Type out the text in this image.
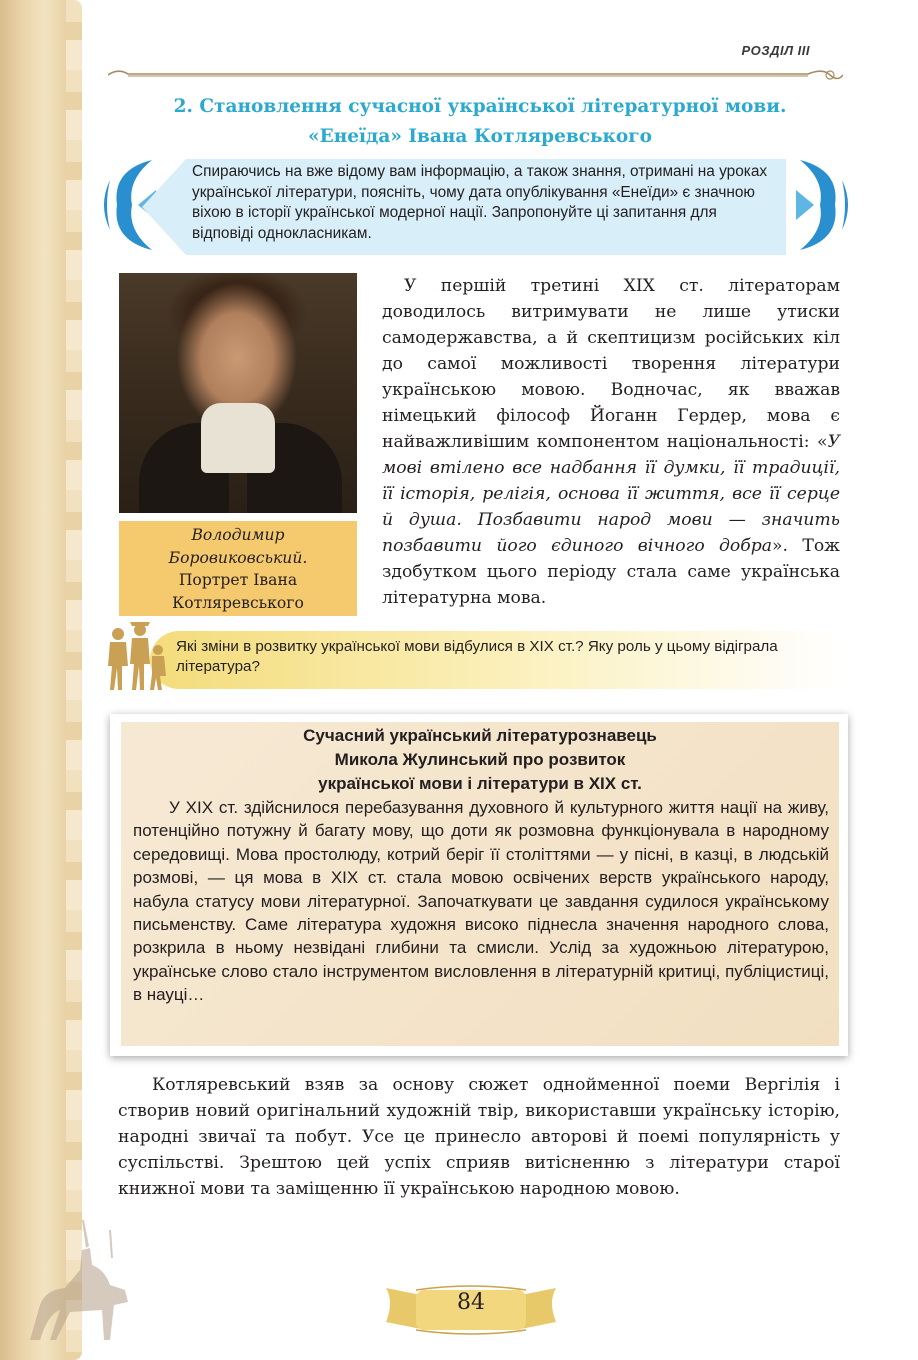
РОЗДІЛ III
2. Становлення сучасної української літературної мови.
«Енеїда» Івана Котляревського
Спираючись на вже відому вам інформацію, а також знання, отримані на уроках української літератури, поясніть, чому дата опублікування «Енеїди» є значною віхою в історії української модерної нації. Запропонуйте ці запитання для відповіді однокласникам.
Володимир
Боровиковський.
Портрет Івана
Котляревського
У першій третині XIX ст. літераторам доводилось витримувати не лише утиски самодержавства, а й скептицизм російських кіл до самої можливості творення літератури українською мовою. Водночас, як вважав німецький філософ Йоганн Гердер, мова є найважливішим компонентом національності: «У мові втілено все надбання її думки, її традиції, її історія, релігія, основа її життя, все її серце й душа. Позбавити народ мови — значить позбавити його єдиного вічного добра». Тож здобутком цього періоду стала саме українська літературна мова.
Які зміни в розвитку української мови відбулися в XIX ст.? Яку роль у цьому відіграла література?
Сучасний український літературознавець
Микола Жулинський про розвиток
української мови і літератури в XIX ст.
У XIX ст. здійснилося перебазування духовного й культурного життя нації на живу, потенційно потужну й багату мову, що доти як розмовна функціонувала в народному середовищі. Мова простолюду, котрий беріг її століттями — у пісні, в казці, в людській розмові, — ця мова в XIX ст. стала мовою освічених верств українського народу, набула статусу мови літературної. Започаткувати це завдання судилося українському письменству. Саме література художня високо піднесла значення народного слова, розкрила в ньому незвідані глибини та смисли. Услід за художньою літературою, українське слово стало інструментом висловлення в літературній критиці, публіцистиці, в науці…
Котляревський взяв за основу сюжет однойменної поеми Вергілія і створив новий оригінальний художній твір, використавши українську історію, народні звичаї та побут. Усе це принесло авторові й поемі популярність у суспільстві. Зрештою цей успіх сприяв витісненню з літератури старої книжної мови та заміщенню її українською народною мовою.
84
